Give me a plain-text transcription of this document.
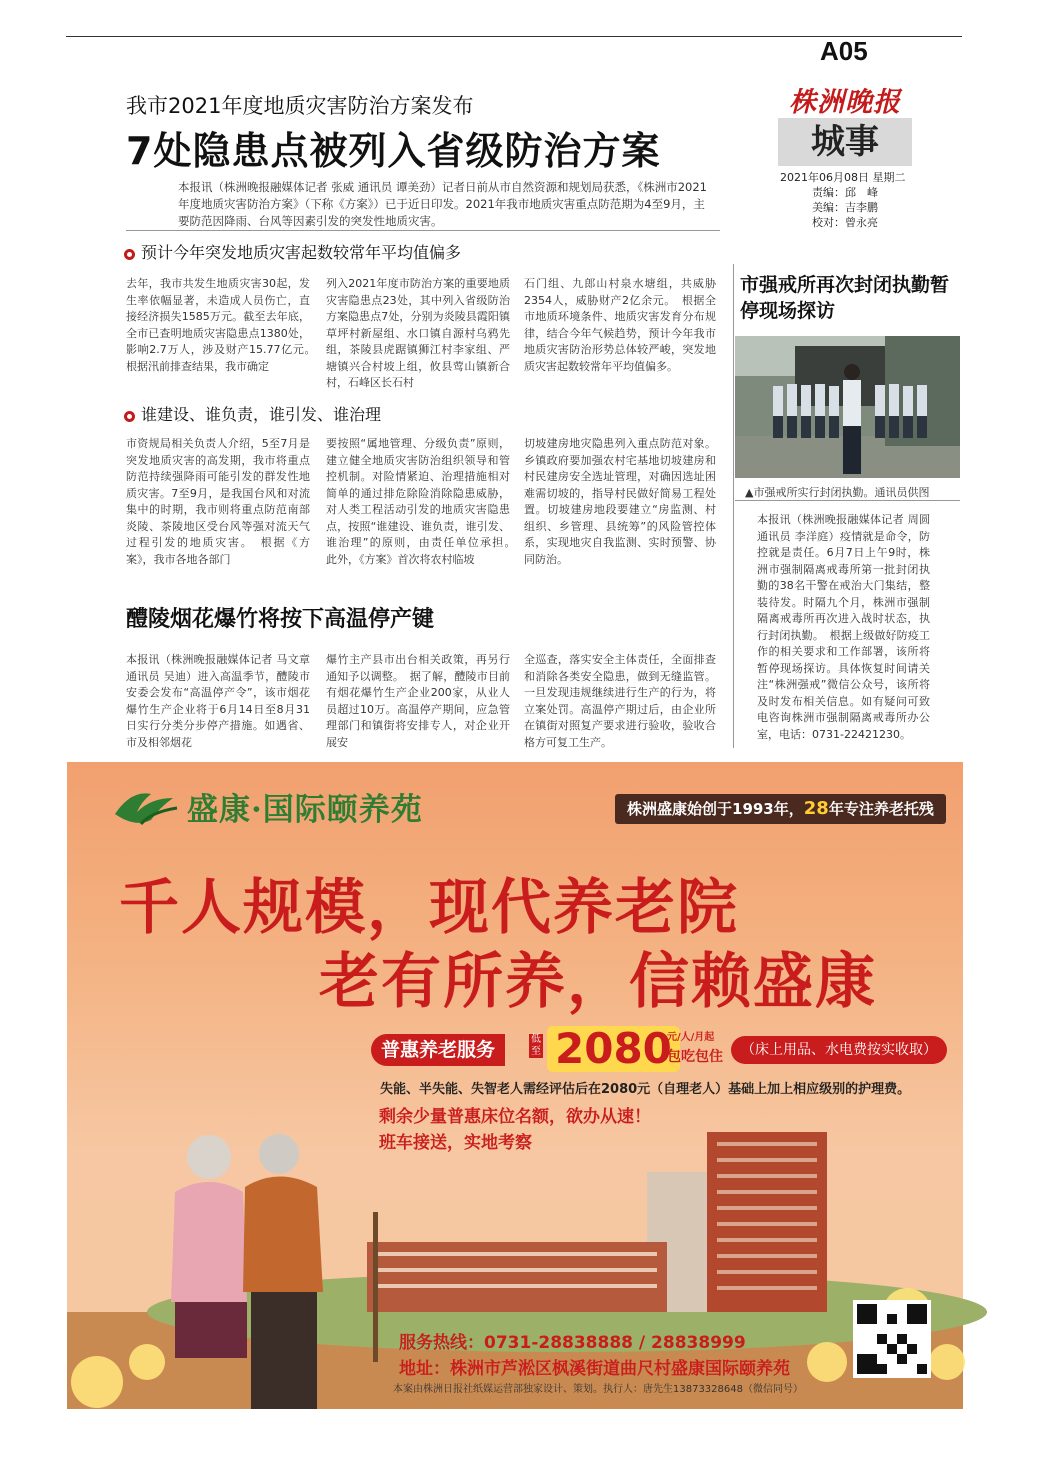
A05
株洲晚报
城事
2021年06月08日 星期二
责编：邱　峰
美编：吉李鹏
校对：曾永亮
我市2021年度地质灾害防治方案发布
7处隐患点被列入省级防治方案
本报讯（株洲晚报融媒体记者 张威 通讯员 谭美劲）记者日前从市自然资源和规划局获悉，《株洲市2021年度地质灾害防治方案》（下称《方案》）已于近日印发。2021年我市地质灾害重点防范期为4至9月，主要防范因降雨、台风等因素引发的突发性地质灾害。
预计今年突发地质灾害起数较常年平均值偏多
去年，我市共发生地质灾害30起，发生率依幅显著，未造成人员伤亡，直接经济损失1585万元。截至去年底，全市已查明地质灾害隐患点1380处，影响2.7万人，涉及财产15.77亿元。　根据汛前排查结果，我市确定
列入2021年度市防治方案的重要地质灾害隐患点23处，其中列入省级防治方案隐患点7处，分别为炎陵县霞阳镇草坪村新屋组、水口镇自源村乌鸦先组，茶陵县虎踞镇狮江村李家组、严塘镇兴合村坡上组，攸县莺山镇新合村，石峰区长石村
石门组、九郎山村泉水塘组，共威胁2354人，威胁财产2亿余元。　根据全市地质环境条件、地质灾害发育分布规律，结合今年气候趋势，预计今年我市地质灾害防治形势总体较严峻，突发地质灾害起数较常年平均值偏多。
谁建设、谁负责，谁引发、谁治理
市资规局相关负责人介绍，5至7月是突发地质灾害的高发期，我市将重点防范持续强降雨可能引发的群发性地质灾害。7至9月，是我国台风和对流集中的时期，我市则将重点防范南部炎陵、茶陵地区受台风等强对流天气过程引发的地质灾害。　根据《方案》，我市各地各部门
要按照“属地管理、分级负责”原则，建立健全地质灾害防治组织领导和管控机制。对险情紧迫、治理措施相对简单的通过排危除险消除隐患威胁，对人类工程活动引发的地质灾害隐患点，按照“谁建设、谁负责，谁引发、谁治理”的原则，由责任单位承担。　此外，《方案》首次将农村临坡
切坡建房地灾隐患列入重点防范对象。乡镇政府要加强农村宅基地切坡建房和村民建房安全选址管理，对确因选址困难需切坡的，指导村民做好简易工程处置。切坡建房地段要建立“房监测、村组织、乡管理、县统筹”的风险管控体系，实现地灾自我监测、实时预警、协同防治。
醴陵烟花爆竹将按下高温停产键
本报讯（株洲晚报融媒体记者 马文章 通讯员 吴迪）进入高温季节，醴陵市安委会发布“高温停产令”，该市烟花爆竹生产企业将于6月14日至8月31日实行分类分步停产措施。如遇省、市及相邻烟花
爆竹主产县市出台相关政策，再另行通知予以调整。　据了解，醴陵市目前有烟花爆竹生产企业200家，从业人员超过10万。高温停产期间，应急管理部门和镇街将安排专人，对企业开展安
全巡查，落实安全主体责任，全面排查和消除各类安全隐患，做到无缝监管。一旦发现违规继续进行生产的行为，将立案处罚。高温停产期过后，由企业所在镇街对照复产要求进行验收，验收合格方可复工生产。
市强戒所再次封闭执勤暂停现场探访
▲市强戒所实行封闭执勤。通讯员供图
本报讯（株洲晚报融媒体记者 周圆 通讯员 李洋庭）疫情就是命令，防控就是责任。6月7日上午9时，株洲市强制隔离戒毒所第一批封闭执勤的38名干警在戒治大门集结，整装待发。时隔九个月，株洲市强制隔离戒毒所再次进入战时状态，执行封闭执勤。　根据上级做好防疫工作的相关要求和工作部署，该所将暂停现场探访。具体恢复时间请关注“株洲强戒”微信公众号，该所将及时发布相关信息。如有疑问可致电咨询株洲市强制隔离戒毒所办公室，电话：0731-22421230。
盛康·国际颐养苑	株洲盛康始创于1993年，28年专注养老托残
千人规模，现代养老院
老有所养，信赖盛康
普惠养老服务	低至 2080
元/人/月起
包吃包住	（床上用品、水电费按实收取）
失能、半失能、失智老人需经评估后在2080元（自理老人）基础上加上相应级别的护理费。
剩余少量普惠床位名额，欲办从速！
班车接送，实地考察
服务热线：0731-28838888 / 28838999
地址：株洲市芦淞区枫溪街道曲尺村盛康国际颐养苑
本案由株洲日报社纸媒运营部独家设计、策划。执行人：唐先生13873328648（微信同号）
